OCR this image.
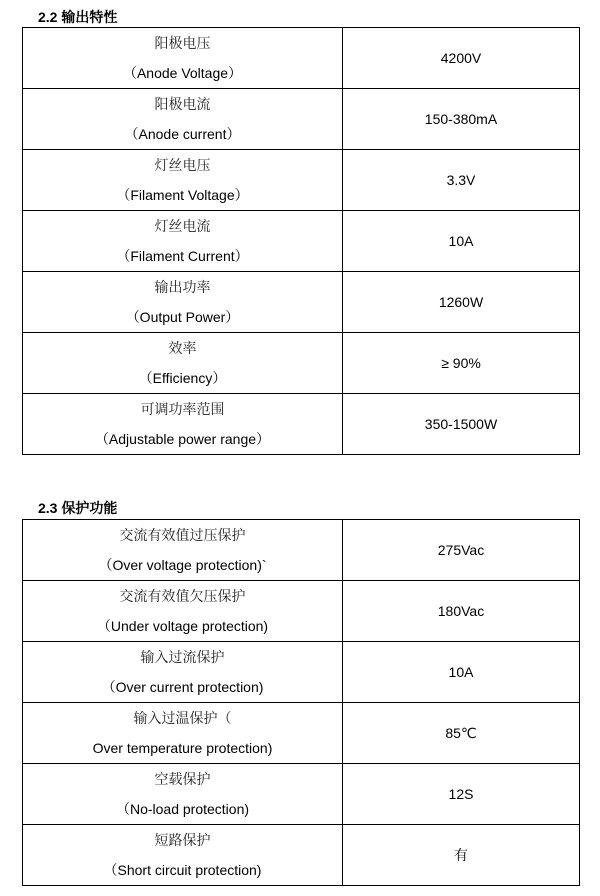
2.2 输出特性
阳极电压
（Anode Voltage）	4200V

阳极电流
（Anode current）	150-380mA

灯丝电压
（Filament Voltage）	3.3V

灯丝电流
（Filament Current）	10A

输出功率
（Output Power）	1260W

效率
（Efficiency）	≥ 90%

可调功率范围
（Adjustable power range）	350-1500W
2.3 保护功能
交流有效值过压保护
（Over voltage protection)`	275Vac

交流有效值欠压保护
（Under voltage protection)	180Vac

输入过流保护
（Over current protection)	10A

输入过温保护（
Over temperature protection)	85℃

空载保护
（No-load protection)	12S

短路保护
（Short circuit protection)	有
